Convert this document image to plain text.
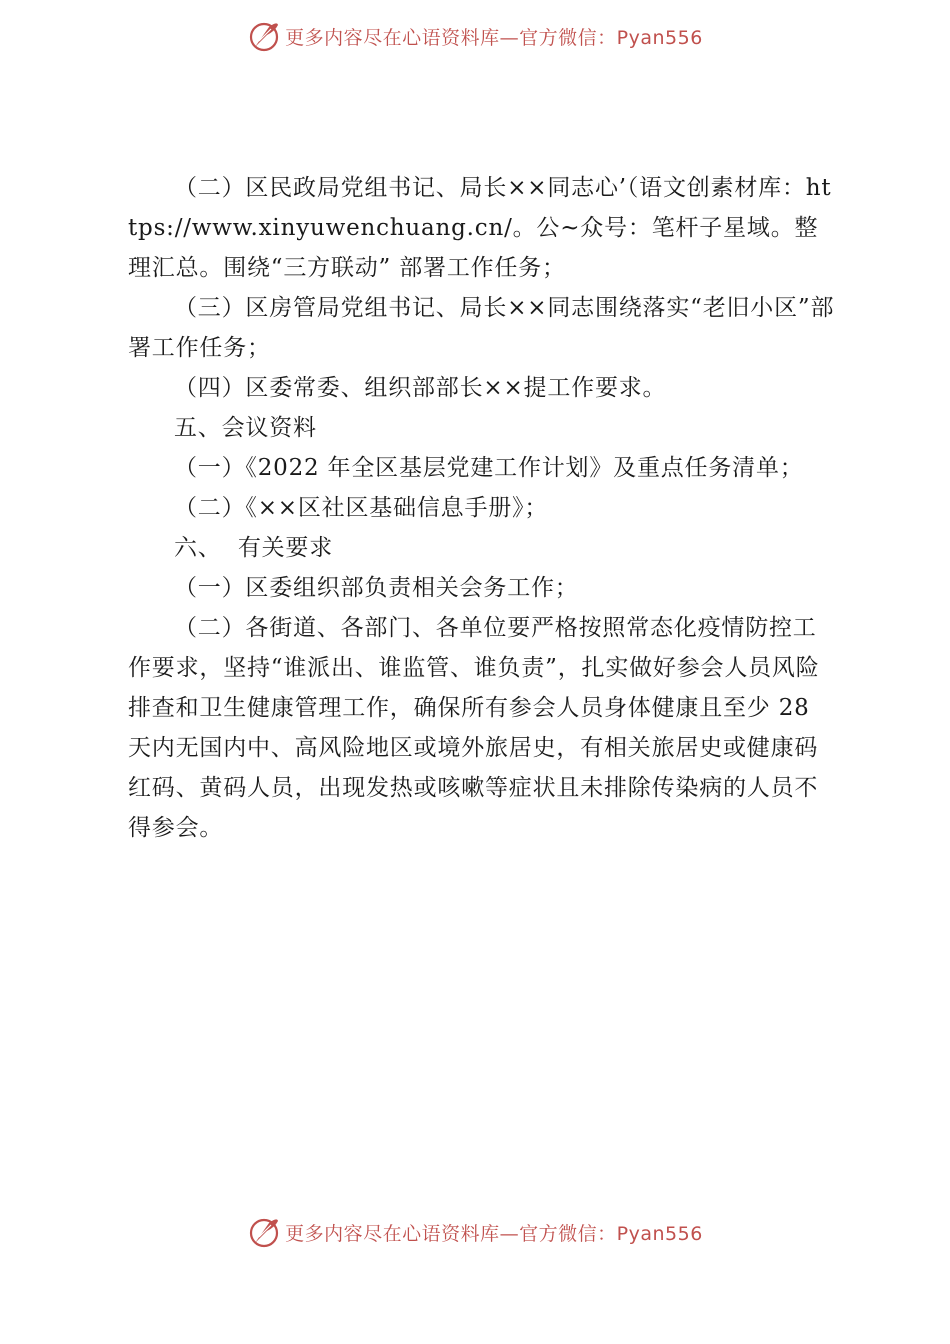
更多内容尽在心语资料库—官方微信：Pyan556

（二）区民政局党组书记、局长××同志心’（语文创素材库：https://www.xinyuwenchuang.cn/。公~众号：笔杆子星域。整理汇总。围绕“三方联动” 部署工作任务；

（三）区房管局党组书记、局长××同志围绕落实“老旧小区”部署工作任务；

（四）区委常委、组织部部长××提工作要求。

五、会议资料

（一）《2022 年全区基层党建工作计划》及重点任务清单；

（二）《××区社区基础信息手册》；

六、  有关要求

（一）区委组织部负责相关会务工作；

（二）各街道、各部门、各单位要严格按照常态化疫情防控工作要求，坚持“谁派出、谁监管、谁负责”，扎实做好参会人员风险排查和卫生健康管理工作，确保所有参会人员身体健康且至少 28 天内无国内中、高风险地区或境外旅居史，有相关旅居史或健康码红码、黄码人员，出现发热或咳嗽等症状且未排除传染病的人员不得参会。

更多内容尽在心语资料库—官方微信：Pyan556
